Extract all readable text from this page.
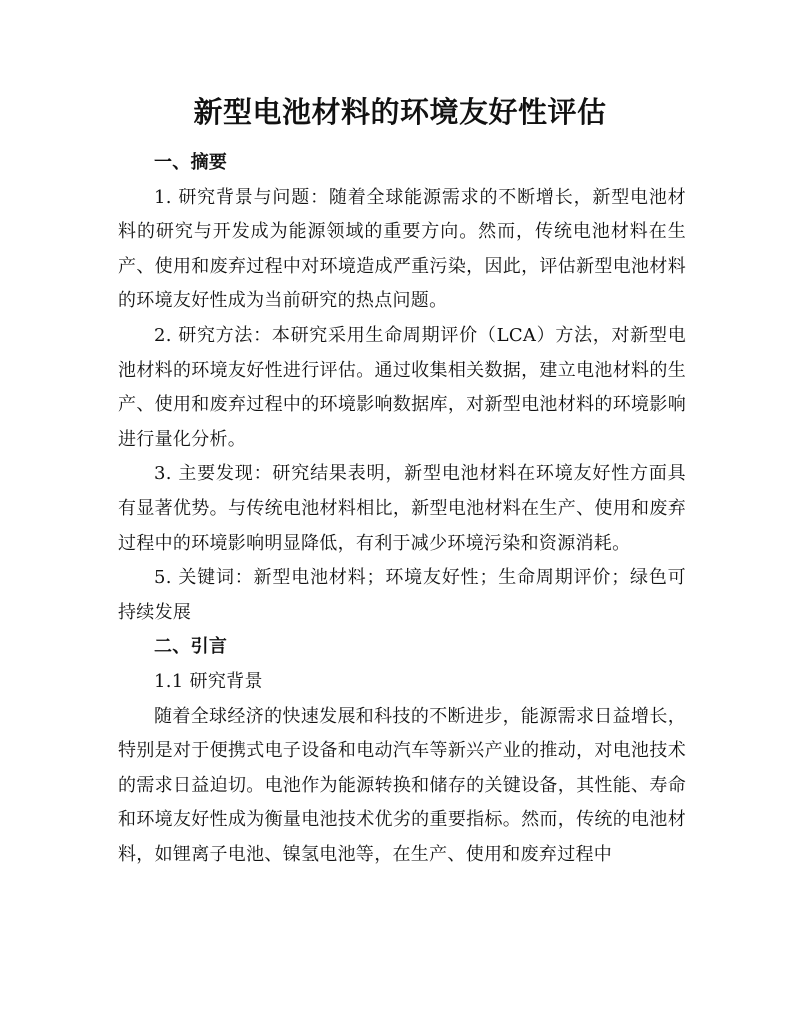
新型电池材料的环境友好性评估

一、摘要

1. 研究背景与问题：随着全球能源需求的不断增长，新型电池材料的研究与开发成为能源领域的重要方向。然而，传统电池材料在生产、使用和废弃过程中对环境造成严重污染，因此，评估新型电池材料的环境友好性成为当前研究的热点问题。

2. 研究方法：本研究采用生命周期评价（LCA）方法，对新型电池材料的环境友好性进行评估。通过收集相关数据，建立电池材料的生产、使用和废弃过程中的环境影响数据库，对新型电池材料的环境影响进行量化分析。

3. 主要发现：研究结果表明，新型电池材料在环境友好性方面具有显著优势。与传统电池材料相比，新型电池材料在生产、使用和废弃过程中的环境影响明显降低，有利于减少环境污染和资源消耗。

5. 关键词：新型电池材料；环境友好性；生命周期评价；绿色可持续发展

二、引言

1.1 研究背景

随着全球经济的快速发展和科技的不断进步，能源需求日益增长，特别是对于便携式电子设备和电动汽车等新兴产业的推动，对电池技术的需求日益迫切。电池作为能源转换和储存的关键设备，其性能、寿命和环境友好性成为衡量电池技术优劣的重要指标。然而，传统的电池材料，如锂离子电池、镍氢电池等，在生产、使用和废弃过程中
